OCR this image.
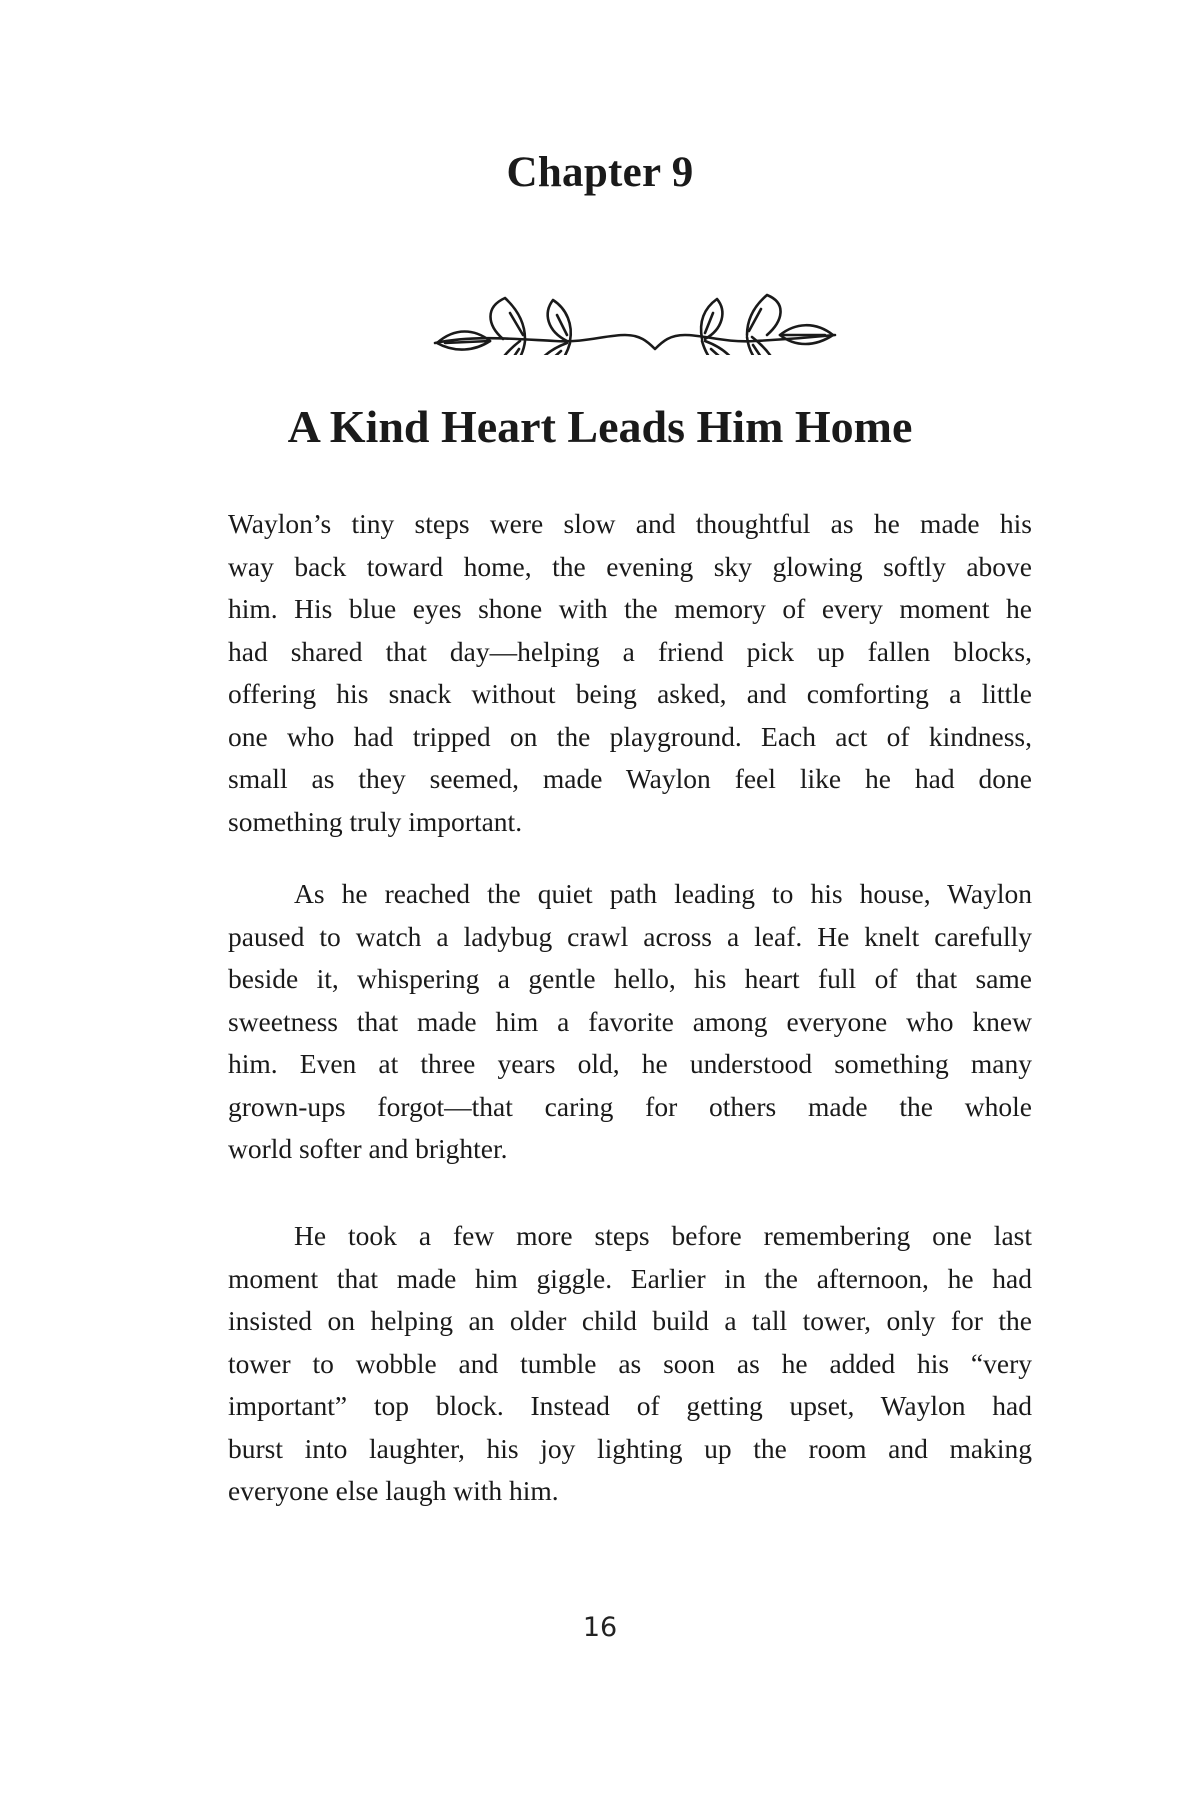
Chapter 9
A Kind Heart Leads Him Home
Waylon’s tiny steps were slow and thoughtful as he made his
way back toward home, the evening sky glowing softly above
him. His blue eyes shone with the memory of every moment he
had shared that day—helping a friend pick up fallen blocks,
offering his snack without being asked, and comforting a little
one who had tripped on the playground. Each act of kindness,
small as they seemed, made Waylon feel like he had done
something truly important.
As he reached the quiet path leading to his house, Waylon
paused to watch a ladybug crawl across a leaf. He knelt carefully
beside it, whispering a gentle hello, his heart full of that same
sweetness that made him a favorite among everyone who knew
him. Even at three years old, he understood something many
grown-ups forgot—that caring for others made the whole
world softer and brighter.
He took a few more steps before remembering one last
moment that made him giggle. Earlier in the afternoon, he had
insisted on helping an older child build a tall tower, only for the
tower to wobble and tumble as soon as he added his “very
important” top block. Instead of getting upset, Waylon had
burst into laughter, his joy lighting up the room and making
everyone else laugh with him.
16
